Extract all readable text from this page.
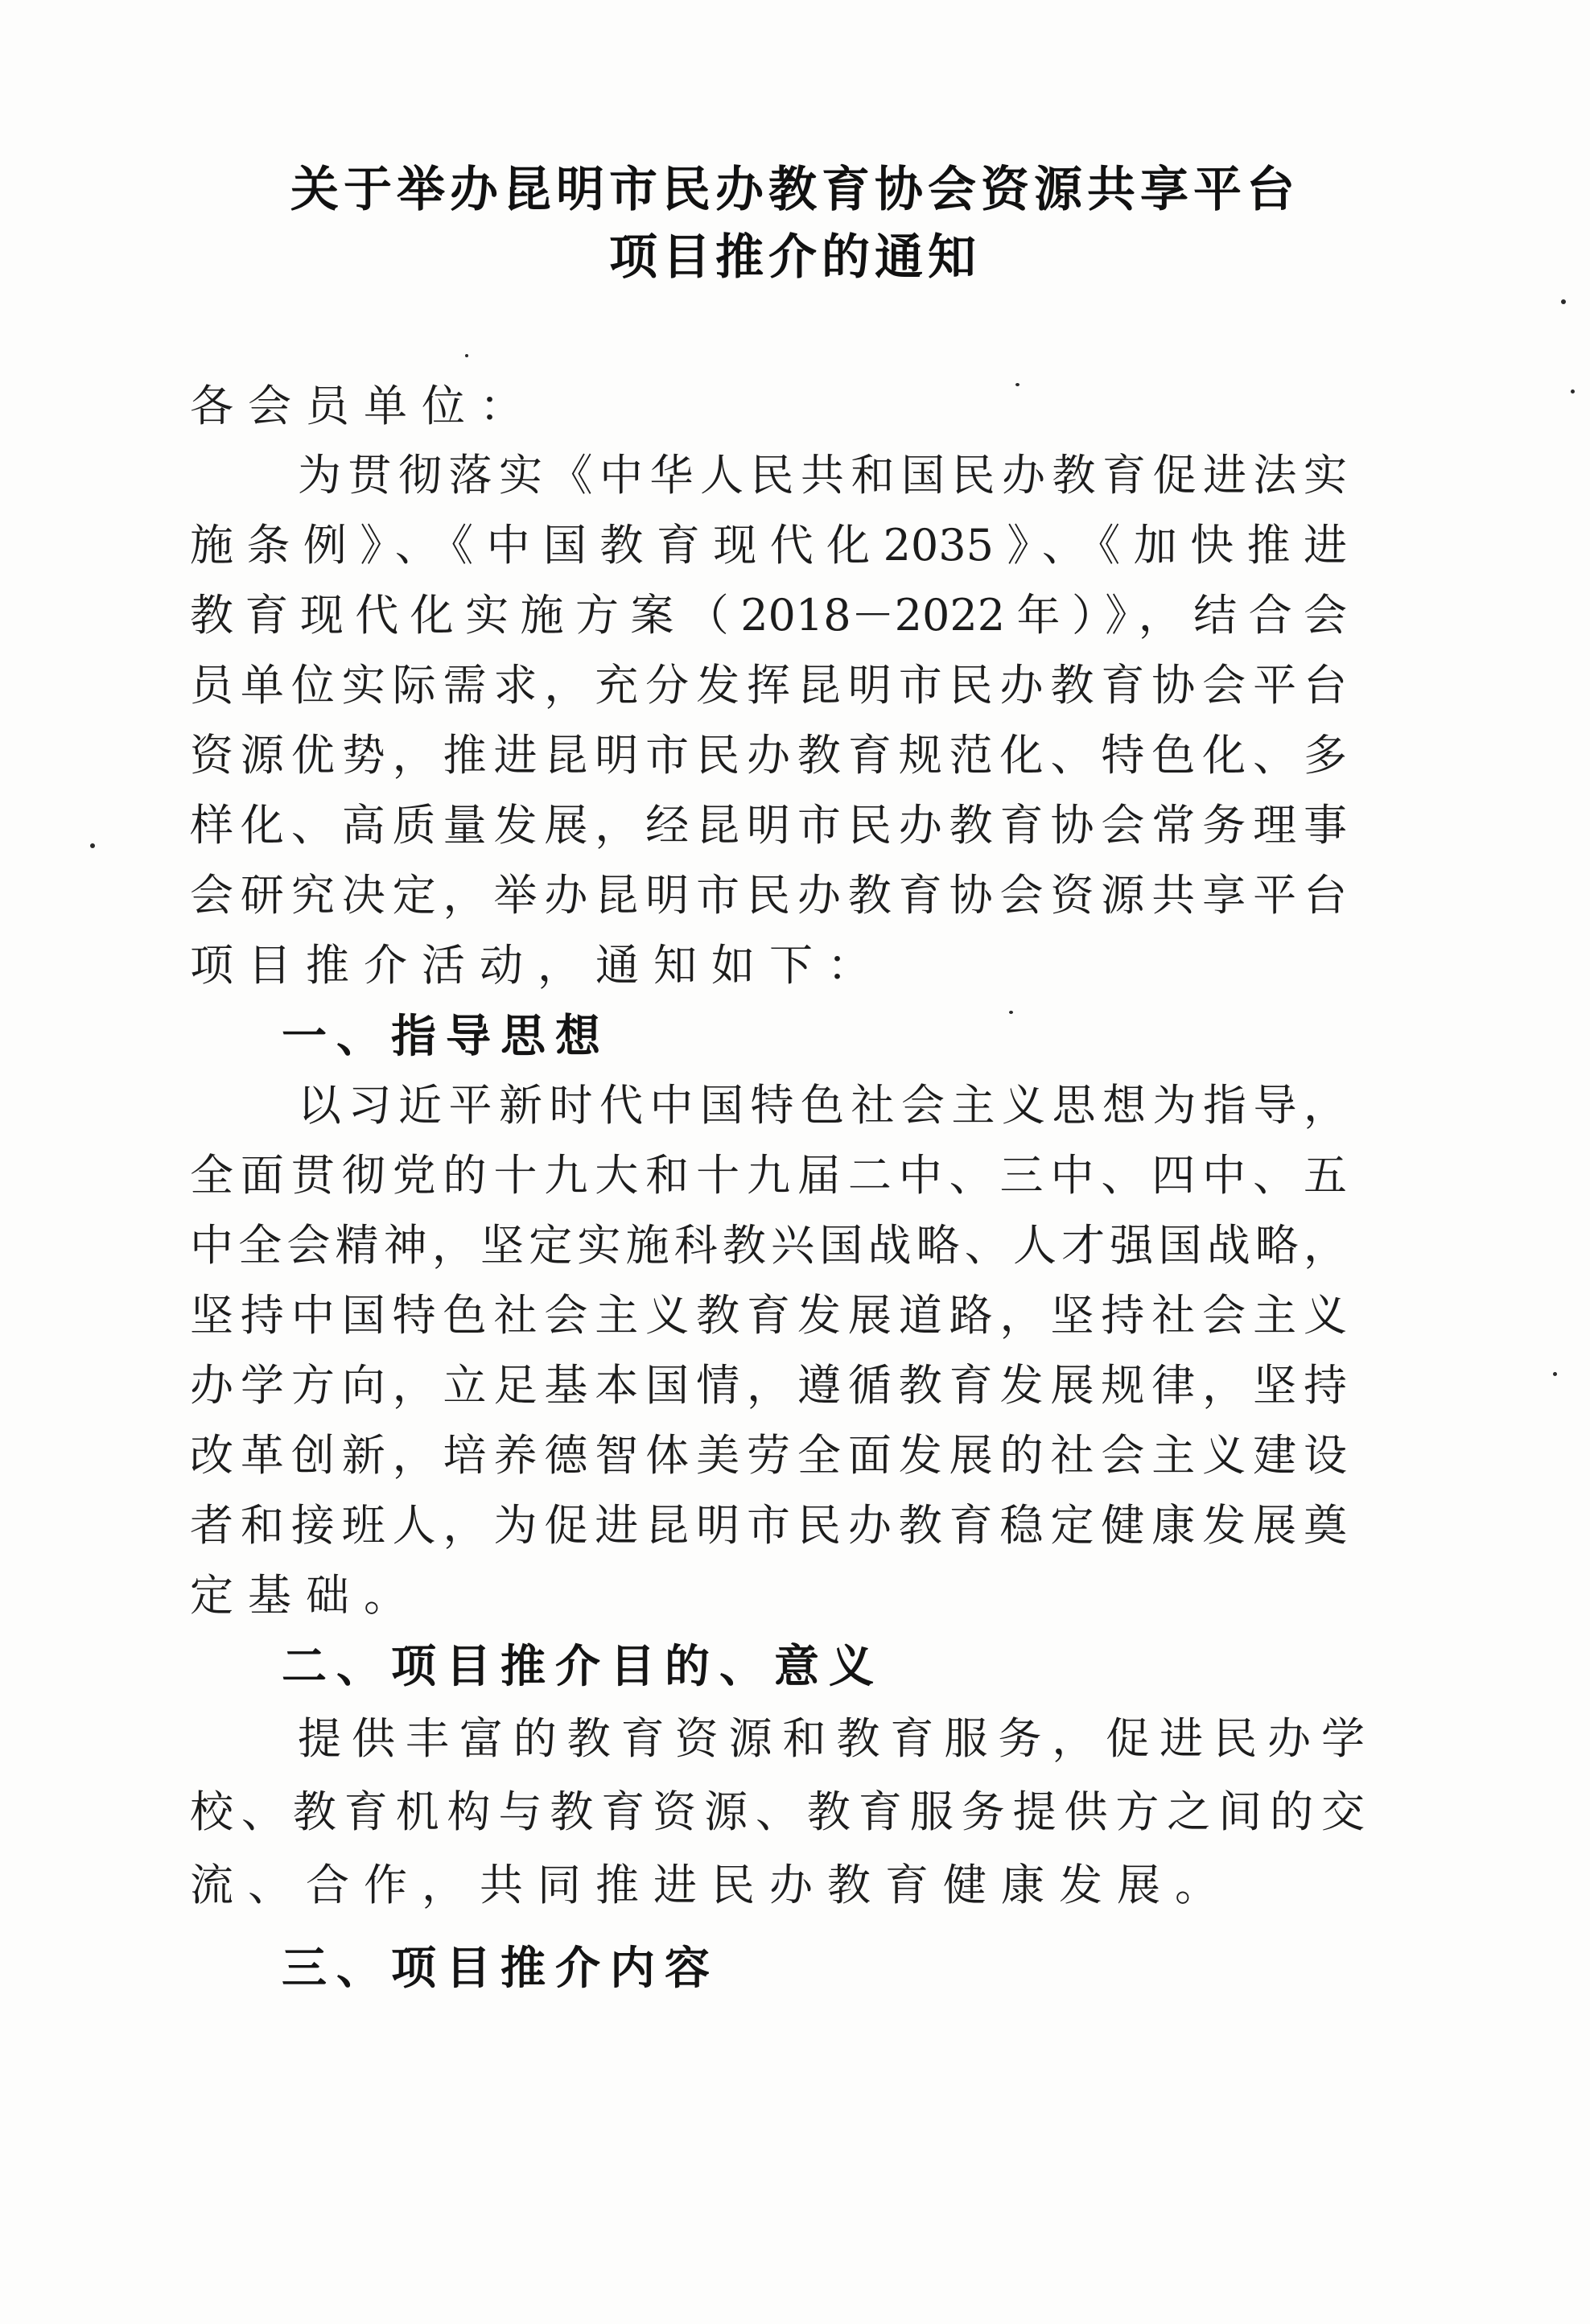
关于举办昆明市民办教育协会资源共享平台
项目推介的通知
各会员单位：
为贯彻落实《中华人民共和国民办教育促进法实
施条例》、《中国教育现代化2035》、《加快推进
教育现代化实施方案（2018－2022年）》，结合会
员单位实际需求，充分发挥昆明市民办教育协会平台
资源优势，推进昆明市民办教育规范化、特色化、多
样化、高质量发展，经昆明市民办教育协会常务理事
会研究决定，举办昆明市民办教育协会资源共享平台
项目推介活动，通知如下：
一、指导思想
以习近平新时代中国特色社会主义思想为指导，
全面贯彻党的十九大和十九届二中、三中、四中、五
中全会精神，坚定实施科教兴国战略、人才强国战略，
坚持中国特色社会主义教育发展道路，坚持社会主义
办学方向，立足基本国情，遵循教育发展规律，坚持
改革创新，培养德智体美劳全面发展的社会主义建设
者和接班人，为促进昆明市民办教育稳定健康发展奠
定基础。
二、项目推介目的、意义
提供丰富的教育资源和教育服务，促进民办学
校、教育机构与教育资源、教育服务提供方之间的交
流、合作，共同推进民办教育健康发展。
三、项目推介内容
